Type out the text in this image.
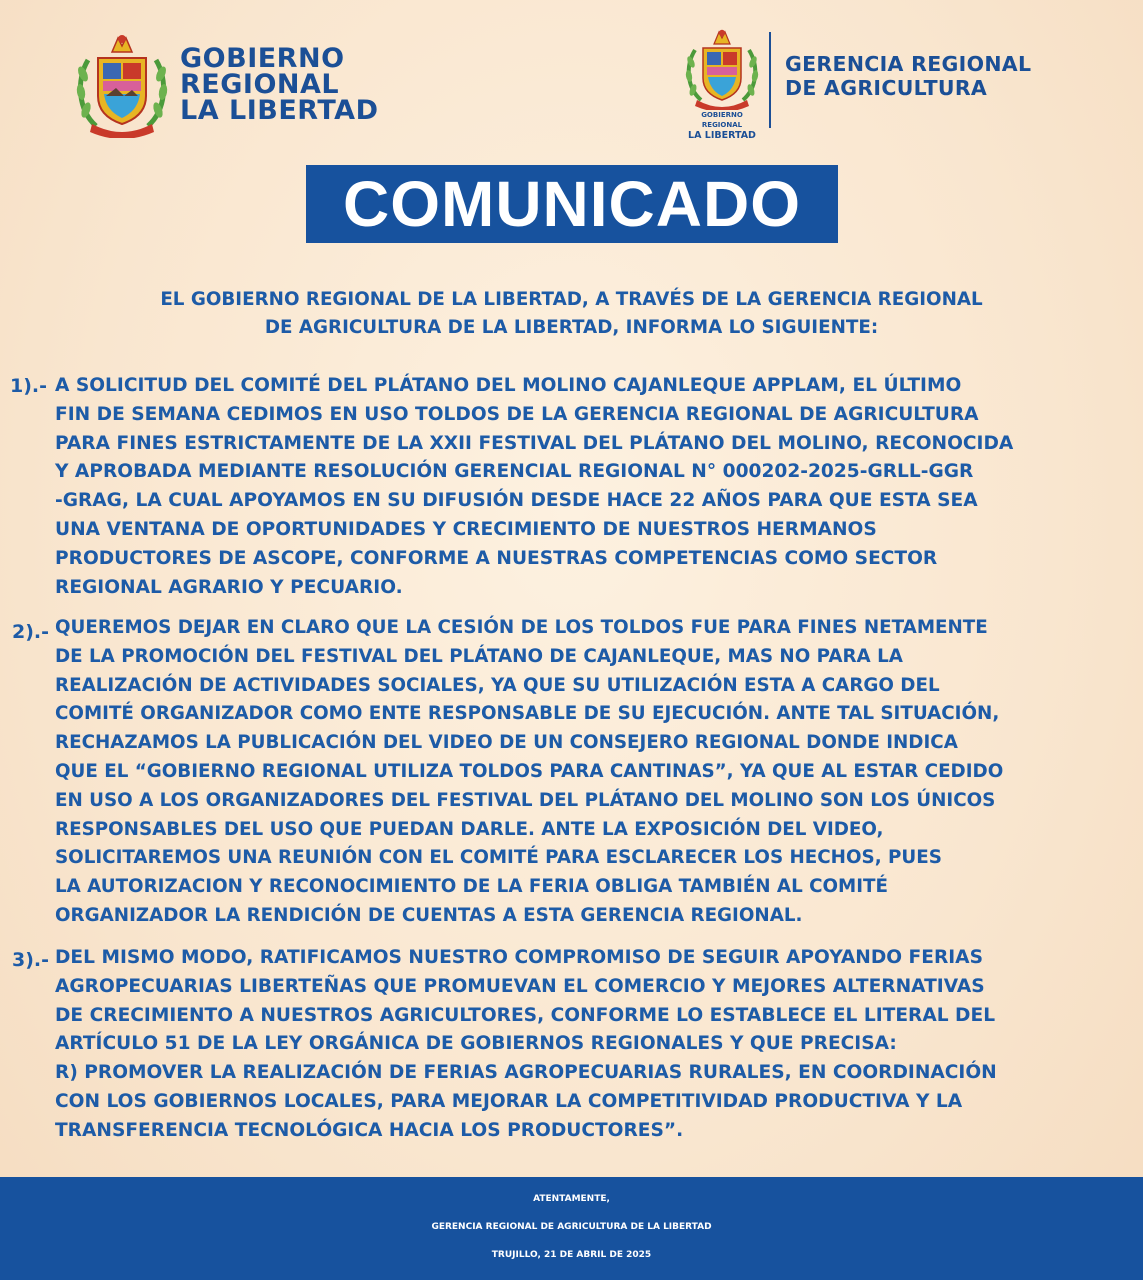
GOBIERNO
REGIONAL
LA LIBERTAD	GOBIERNO REGIONAL
LA LIBERTAD
GERENCIA REGIONAL
DE AGRICULTURA
COMUNICADO
EL GOBIERNO REGIONAL DE LA LIBERTAD, A TRAVÉS DE LA GERENCIA REGIONAL
DE AGRICULTURA DE LA LIBERTAD, INFORMA LO SIGUIENTE:
1).- A SOLICITUD DEL COMITÉ DEL PLÁTANO DEL MOLINO CAJANLEQUE APPLAM, EL ÚLTIMO
FIN DE SEMANA CEDIMOS EN USO TOLDOS DE LA GERENCIA REGIONAL DE AGRICULTURA
PARA FINES ESTRICTAMENTE DE LA XXII FESTIVAL DEL PLÁTANO DEL MOLINO, RECONOCIDA
Y APROBADA MEDIANTE RESOLUCIÓN GERENCIAL REGIONAL N° 000202-2025-GRLL-GGR
-GRAG, LA CUAL APOYAMOS EN SU DIFUSIÓN DESDE HACE 22 AÑOS PARA QUE ESTA SEA
UNA VENTANA DE OPORTUNIDADES Y CRECIMIENTO DE NUESTROS HERMANOS
PRODUCTORES DE ASCOPE, CONFORME A NUESTRAS COMPETENCIAS COMO SECTOR
REGIONAL AGRARIO Y PECUARIO.
2).- QUEREMOS DEJAR EN CLARO QUE LA CESIÓN DE LOS TOLDOS FUE PARA FINES NETAMENTE
DE LA PROMOCIÓN DEL FESTIVAL DEL PLÁTANO DE CAJANLEQUE, MAS NO PARA LA
REALIZACIÓN DE ACTIVIDADES SOCIALES, YA QUE SU UTILIZACIÓN ESTA A CARGO DEL
COMITÉ ORGANIZADOR COMO ENTE RESPONSABLE DE SU EJECUCIÓN. ANTE TAL SITUACIÓN,
RECHAZAMOS LA PUBLICACIÓN DEL VIDEO DE UN CONSEJERO REGIONAL DONDE INDICA
QUE EL “GOBIERNO REGIONAL UTILIZA TOLDOS PARA CANTINAS”, YA QUE AL ESTAR CEDIDO
EN USO A LOS ORGANIZADORES DEL FESTIVAL DEL PLÁTANO DEL MOLINO SON LOS ÚNICOS
RESPONSABLES DEL USO QUE PUEDAN DARLE. ANTE LA EXPOSICIÓN DEL VIDEO,
SOLICITAREMOS UNA REUNIÓN CON EL COMITÉ PARA ESCLARECER LOS HECHOS, PUES
LA AUTORIZACION Y RECONOCIMIENTO DE LA FERIA OBLIGA TAMBIÉN AL COMITÉ
ORGANIZADOR LA RENDICIÓN DE CUENTAS A ESTA GERENCIA REGIONAL.
3).- DEL MISMO MODO, RATIFICAMOS NUESTRO COMPROMISO DE SEGUIR APOYANDO FERIAS
AGROPECUARIAS LIBERTEÑAS QUE PROMUEVAN EL COMERCIO Y MEJORES ALTERNATIVAS
DE CRECIMIENTO A NUESTROS AGRICULTORES, CONFORME LO ESTABLECE EL LITERAL DEL
ARTÍCULO 51 DE LA LEY ORGÁNICA DE GOBIERNOS REGIONALES Y QUE PRECISA:
R) PROMOVER LA REALIZACIÓN DE FERIAS AGROPECUARIAS RURALES, EN COORDINACIÓN
CON LOS GOBIERNOS LOCALES, PARA MEJORAR LA COMPETITIVIDAD PRODUCTIVA Y LA
TRANSFERENCIA TECNOLÓGICA HACIA LOS PRODUCTORES”.
ATENTAMENTE,
GERENCIA REGIONAL DE AGRICULTURA DE LA LIBERTAD
TRUJILLO, 21 DE ABRIL DE 2025
